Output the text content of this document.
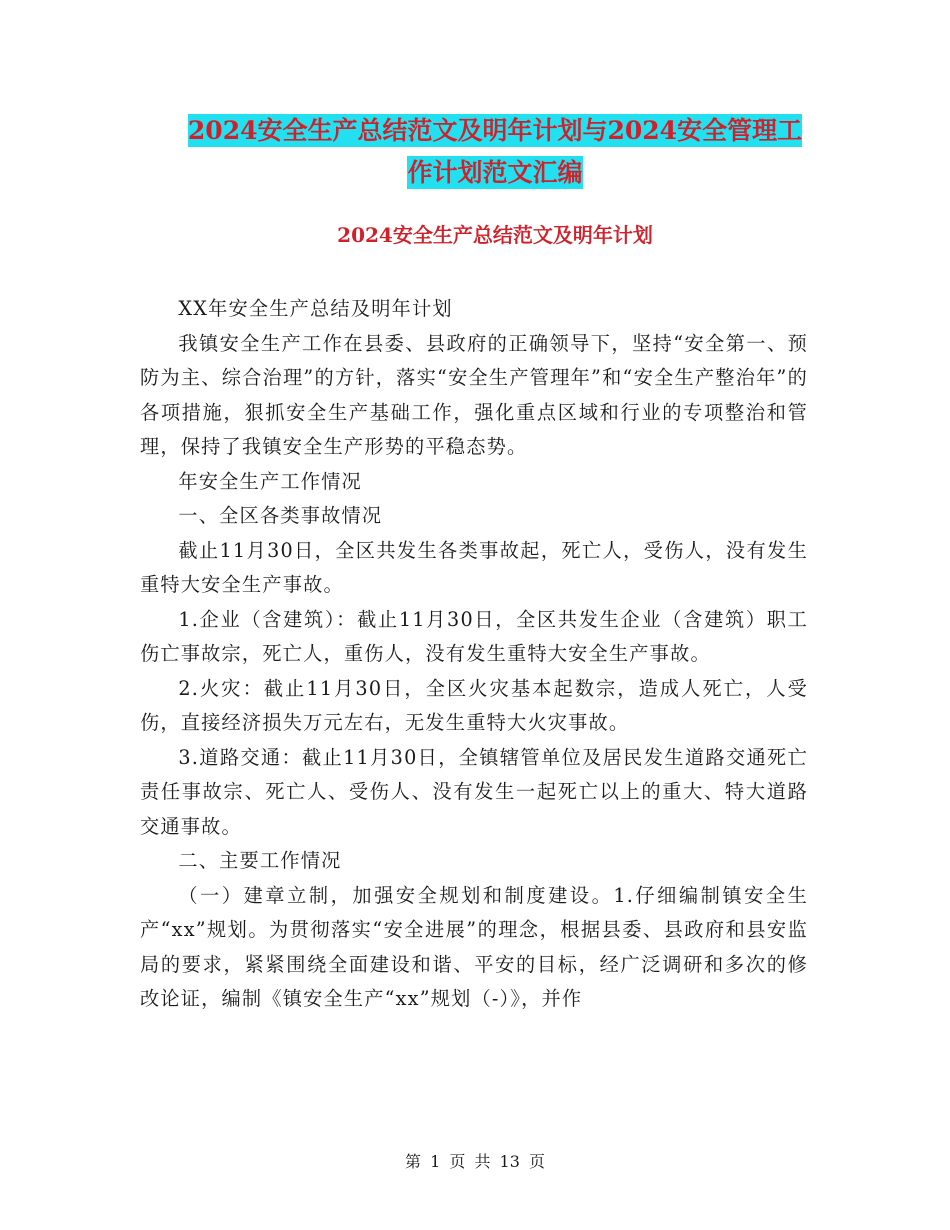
2024安全生产总结范文及明年计划与2024安全管理工
作计划范文汇编
2024安全生产总结范文及明年计划

XX年安全生产总结及明年计划

我镇安全生产工作在县委、县政府的正确领导下，坚持“安全第一、预防为主、综合治理”的方针，落实“安全生产管理年”和“安全生产整治年”的各项措施，狠抓安全生产基础工作，强化重点区域和行业的专项整治和管理，保持了我镇安全生产形势的平稳态势。

年安全生产工作情况

一、全区各类事故情况

截止11月30日，全区共发生各类事故起，死亡人，受伤人，没有发生重特大安全生产事故。

1.企业（含建筑）：截止11月30日，全区共发生企业（含建筑）职工伤亡事故宗，死亡人，重伤人，没有发生重特大安全生产事故。

2.火灾：截止11月30日，全区火灾基本起数宗，造成人死亡，人受伤，直接经济损失万元左右，无发生重特大火灾事故。

3.道路交通：截止11月30日，全镇辖管单位及居民发生道路交通死亡责任事故宗、死亡人、受伤人、没有发生一起死亡以上的重大、特大道路交通事故。

二、主要工作情况

（一）建章立制，加强安全规划和制度建设。1.仔细编制镇安全生产“xx”规划。为贯彻落实“安全进展”的理念，根据县委、县政府和县安监局的要求，紧紧围绕全面建设和谐、平安的目标，经广泛调研和多次的修改论证，编制《镇安全生产“xx”规划（-）》，并作

第 1 页 共 13 页
